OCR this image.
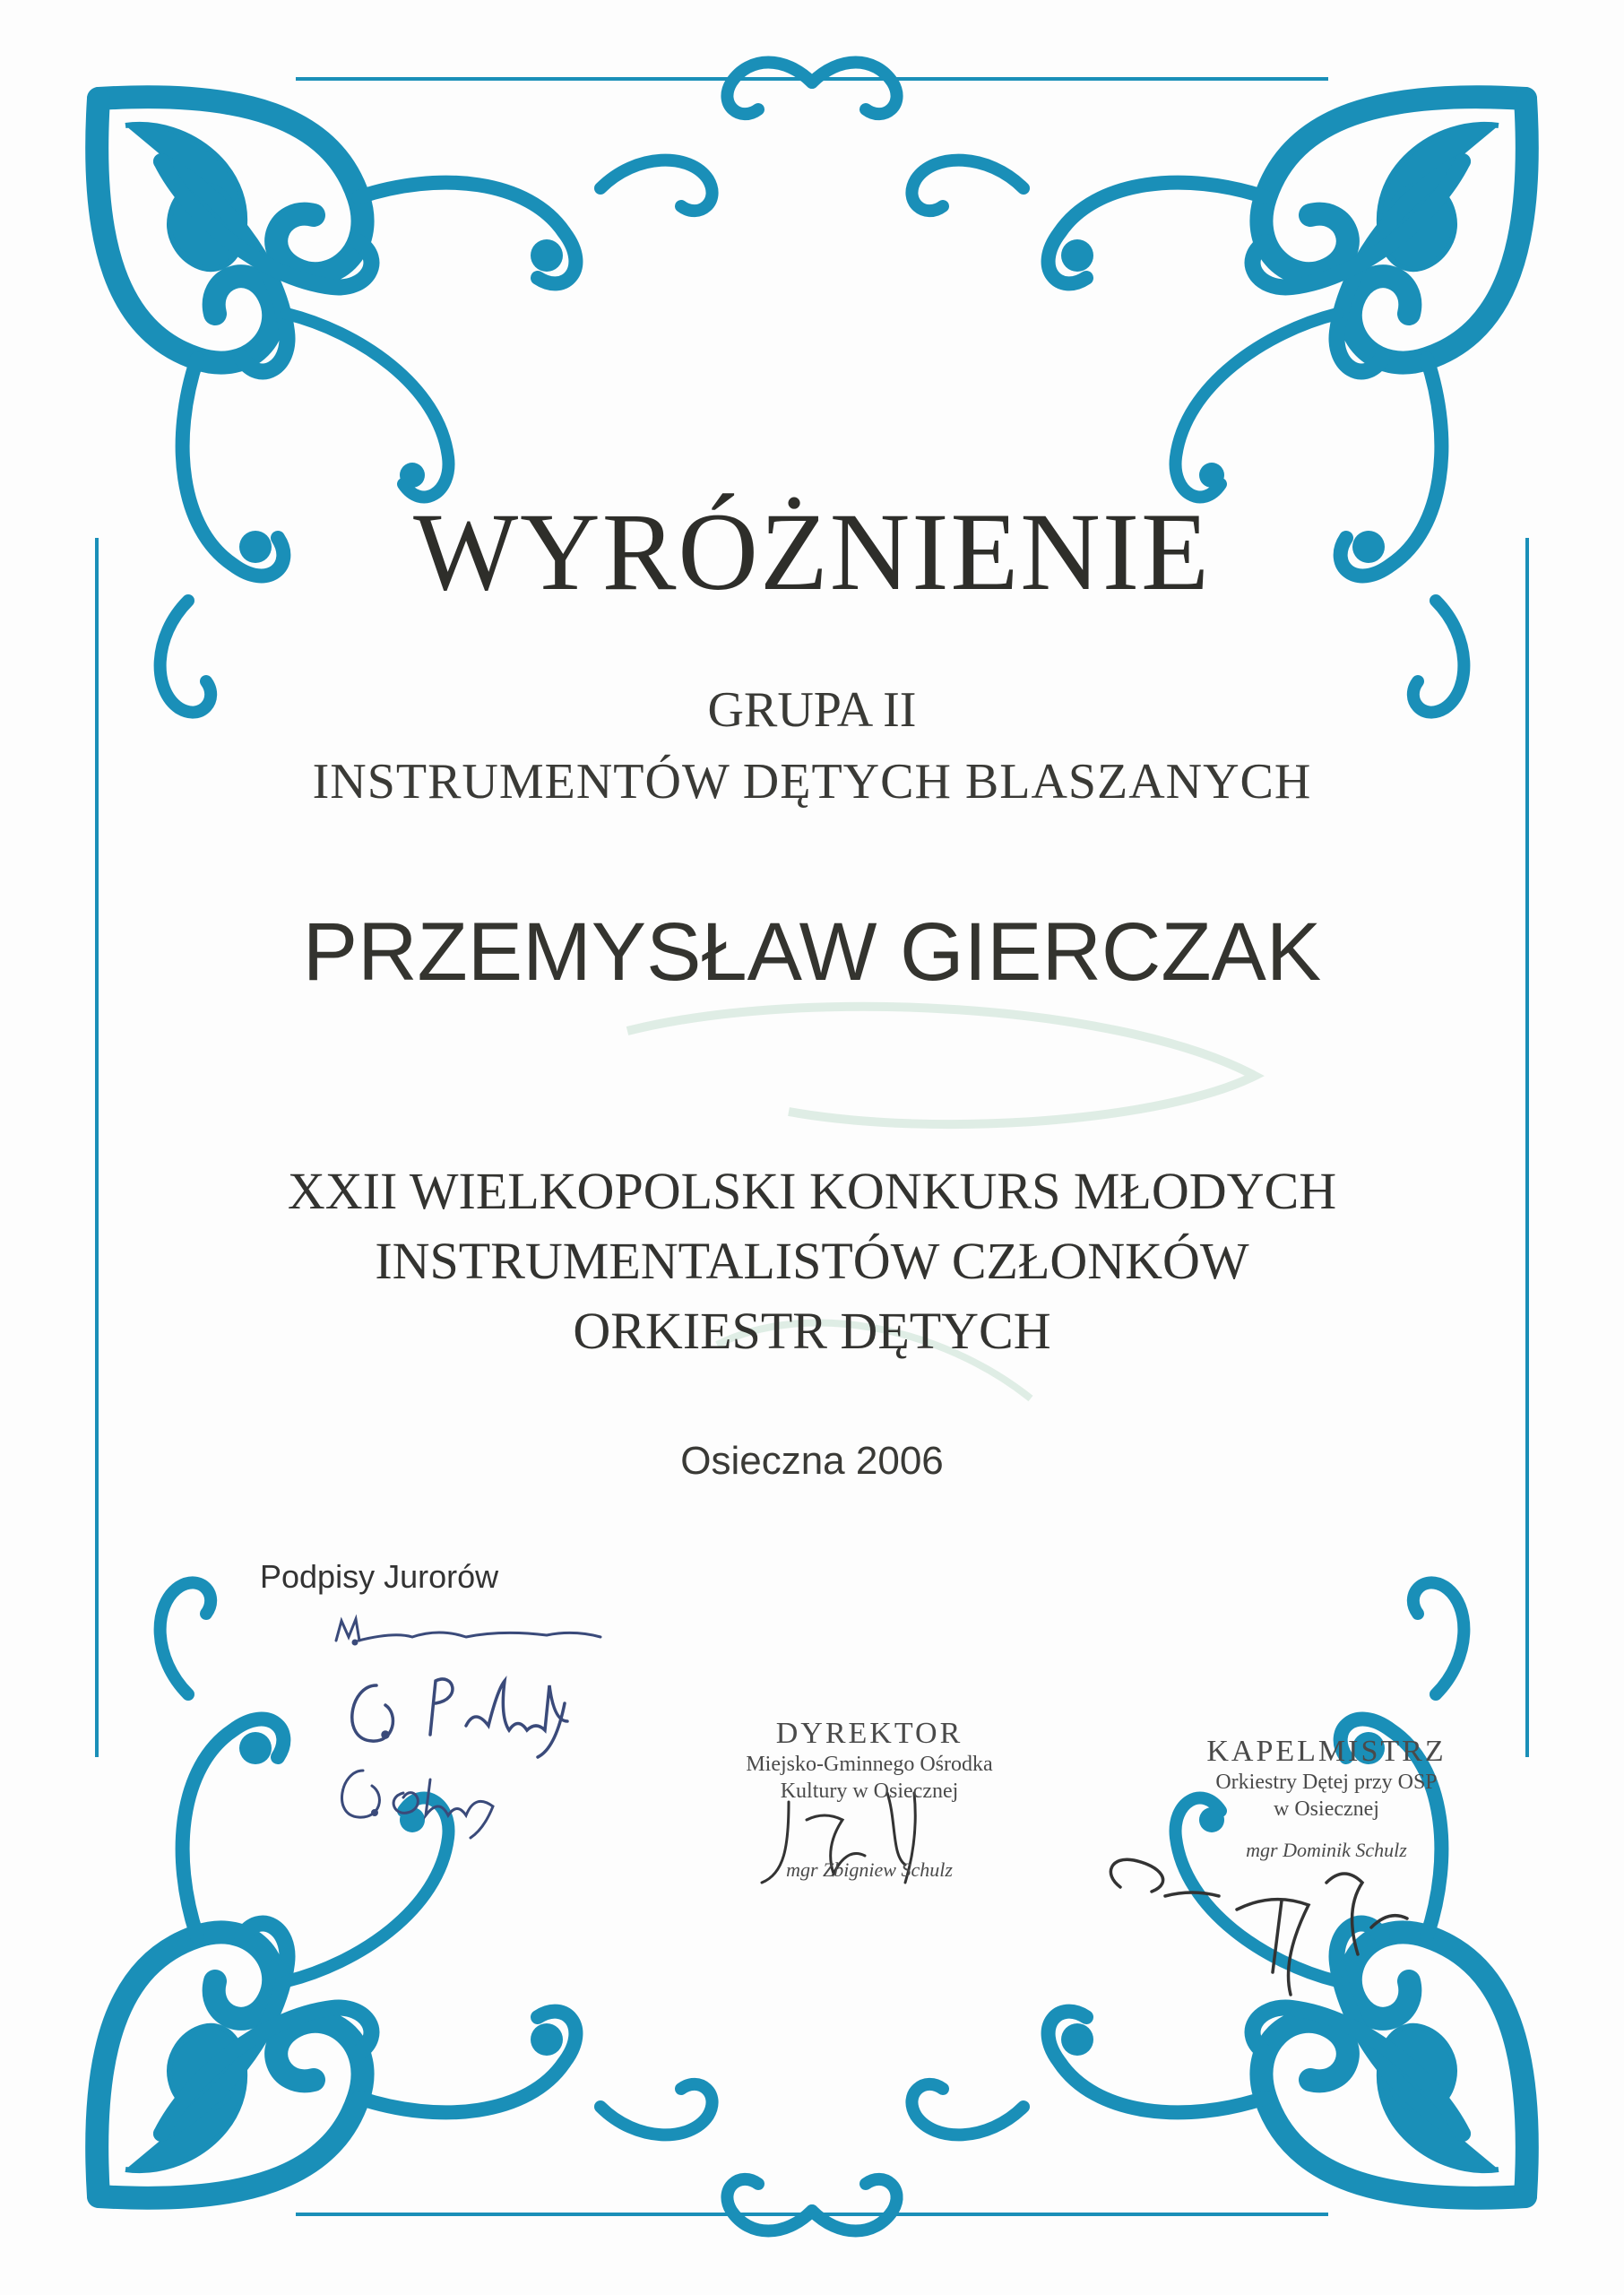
WYRÓŻNIENIE
GRUPA II
INSTRUMENTÓW DĘTYCH BLASZANYCH
PRZEMYSŁAW GIERCZAK
XXII WIELKOPOLSKI KONKURS MŁODYCH
INSTRUMENTALISTÓW CZŁONKÓW
ORKIESTR DĘTYCH
Osieczna 2006
Podpisy Jurorów
DYREKTOR
Miejsko-Gminnego Ośrodka
Kultury w Osiecznej
mgr Zbigniew Schulz
KAPELMISTRZ
Orkiestry Dętej przy OSP
w Osiecznej
mgr Dominik Schulz
